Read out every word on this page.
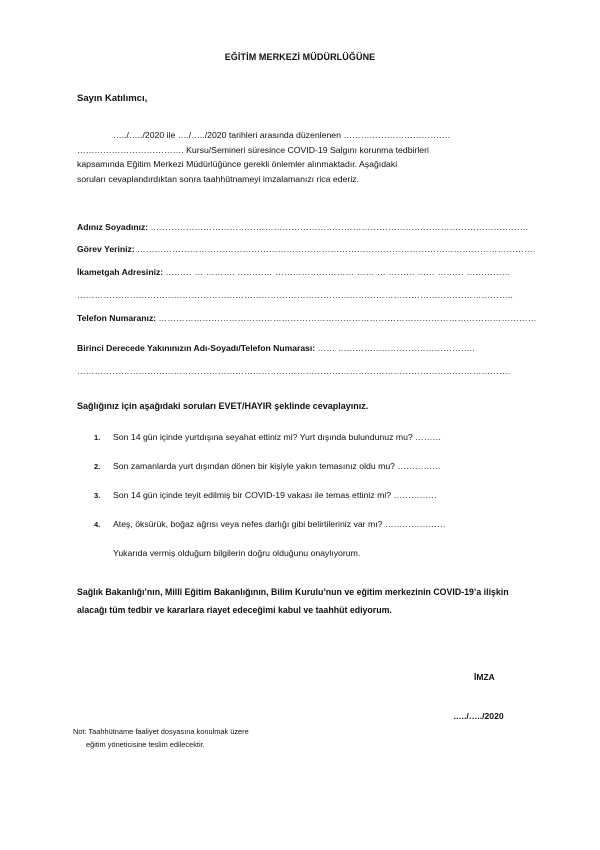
EĞİTİM MERKEZİ MÜDÜRLÜĞÜNE
Sayın Katılımcı,
…../…../2020 ile …./…../2020 tarihleri arasında düzenlenen ……………………………….
………………………………. Kursu/Semineri süresince COVID-19 Salgını korunma tedbirleri
kapsamında Eğitim Merkezi Müdürlüğünce gerekli önlemler alınmaktadır. Aşağıdaki
soruları cevaplandırdıktan sonra taahhütnameyi imzalamanızı rica ederiz.
Adınız Soyadınız: …………………………………………………………………………………………………………………
Görev Yeriniz: ……………………………………………………………………………………………………………………….
İkametgah Adresiniz: ……… … ………. ………… ……………………… …… … ……… …… ……… ……………
…………………………………………………………………………………………………………………………………..
Telefon Numaranız: …………………………………………………………………………………………………………………
Birinci Derecede Yakınınızın Adı-Soyadı/Telefon Numarası: …… ………………………………………..
………………………………………………………………………………………………………………………………….
Sağlığınız için aşağıdaki soruları EVET/HAYIR şeklinde cevaplayınız.
1. Son 14 gün içinde yurtdışına seyahat ettiniz mi? Yurt dışında bulundunuz mu? ………
2. Son zamanlarda yurt dışından dönen bir kişiyle yakın temasınız oldu mu? ……………
3. Son 14 gün içinde teyit edilmiş bir COVID-19 vakası ile temas ettiniz mi? ……………
4. Ateş, öksürük, boğaz ağrısı veya nefes darlığı gibi belirtileriniz var mı? …………………
Yukarıda vermiş olduğum bilgilerin doğru olduğunu onaylıyorum.
Sağlık Bakanlığı’nın, Millî Eğitim Bakanlığının, Bilim Kurulu’nun ve eğitim merkezinin COVID-19’a ilişkin alacağı tüm tedbir ve kararlara riayet edeceğimi kabul ve taahhüt ediyorum.
İMZA
…../…../2020
Not: Taahhütname faaliyet dosyasına konulmak üzere
eğitim yöneticisine teslim edilecektir.
